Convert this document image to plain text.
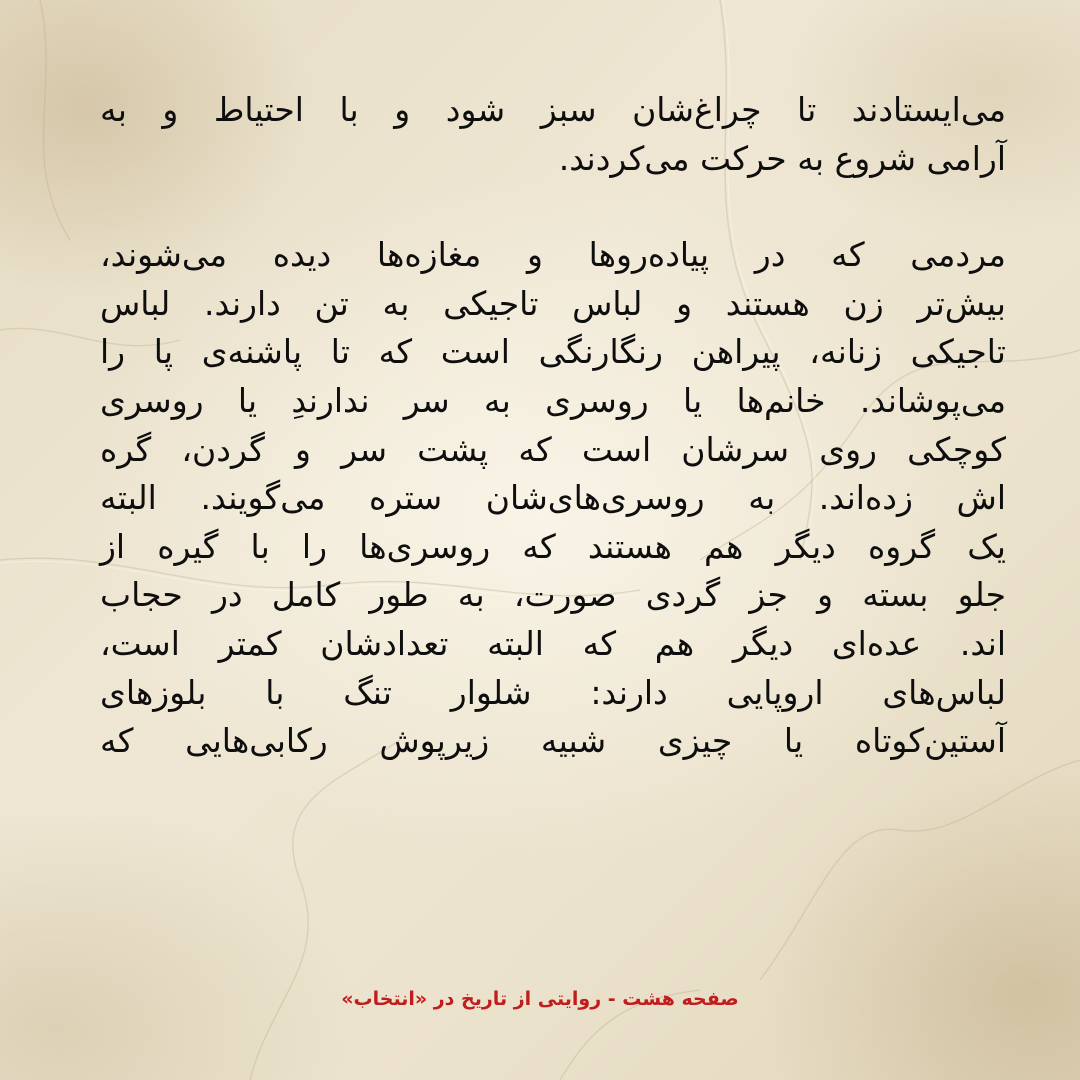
می‌ایستادند تا چراغ‌شان سبز شود و با احتیاط و به
آرامی شروع به حرکت می‌کردند.
مردمی که در پیاده‌روها و مغازه‌ها دیده می‌شوند،
بیش‌تر زن هستند و لباس تاجیکی به تن دارند. لباس
تاجیکی زنانه، پیراهن رنگارنگی است که تا پاشنه‌ی پا را
می‌پوشاند. خانم‌ها یا روسری به سر ندارندِ یا روسری
کوچکی روی سرشان است که پشت سر و گردن، گره
اش زده‌اند. به روسری‌های‌شان ستره می‌گویند. البته
یک گروه دیگر هم هستند که روسری‌ها را با گیره از
جلو بسته و جز گردی صورت، به طور کامل در حجاب
اند. عده‌ای دیگر هم که البته تعدادشان کمتر است،
لباس‌های اروپایی دارند: شلوار تنگ با بلوزهای
آستین‌کوتاه یا چیزی شبیه زیرپوش رکابی‌هایی که
صفحه هشت - روایتی از تاریخ در «انتخاب»
